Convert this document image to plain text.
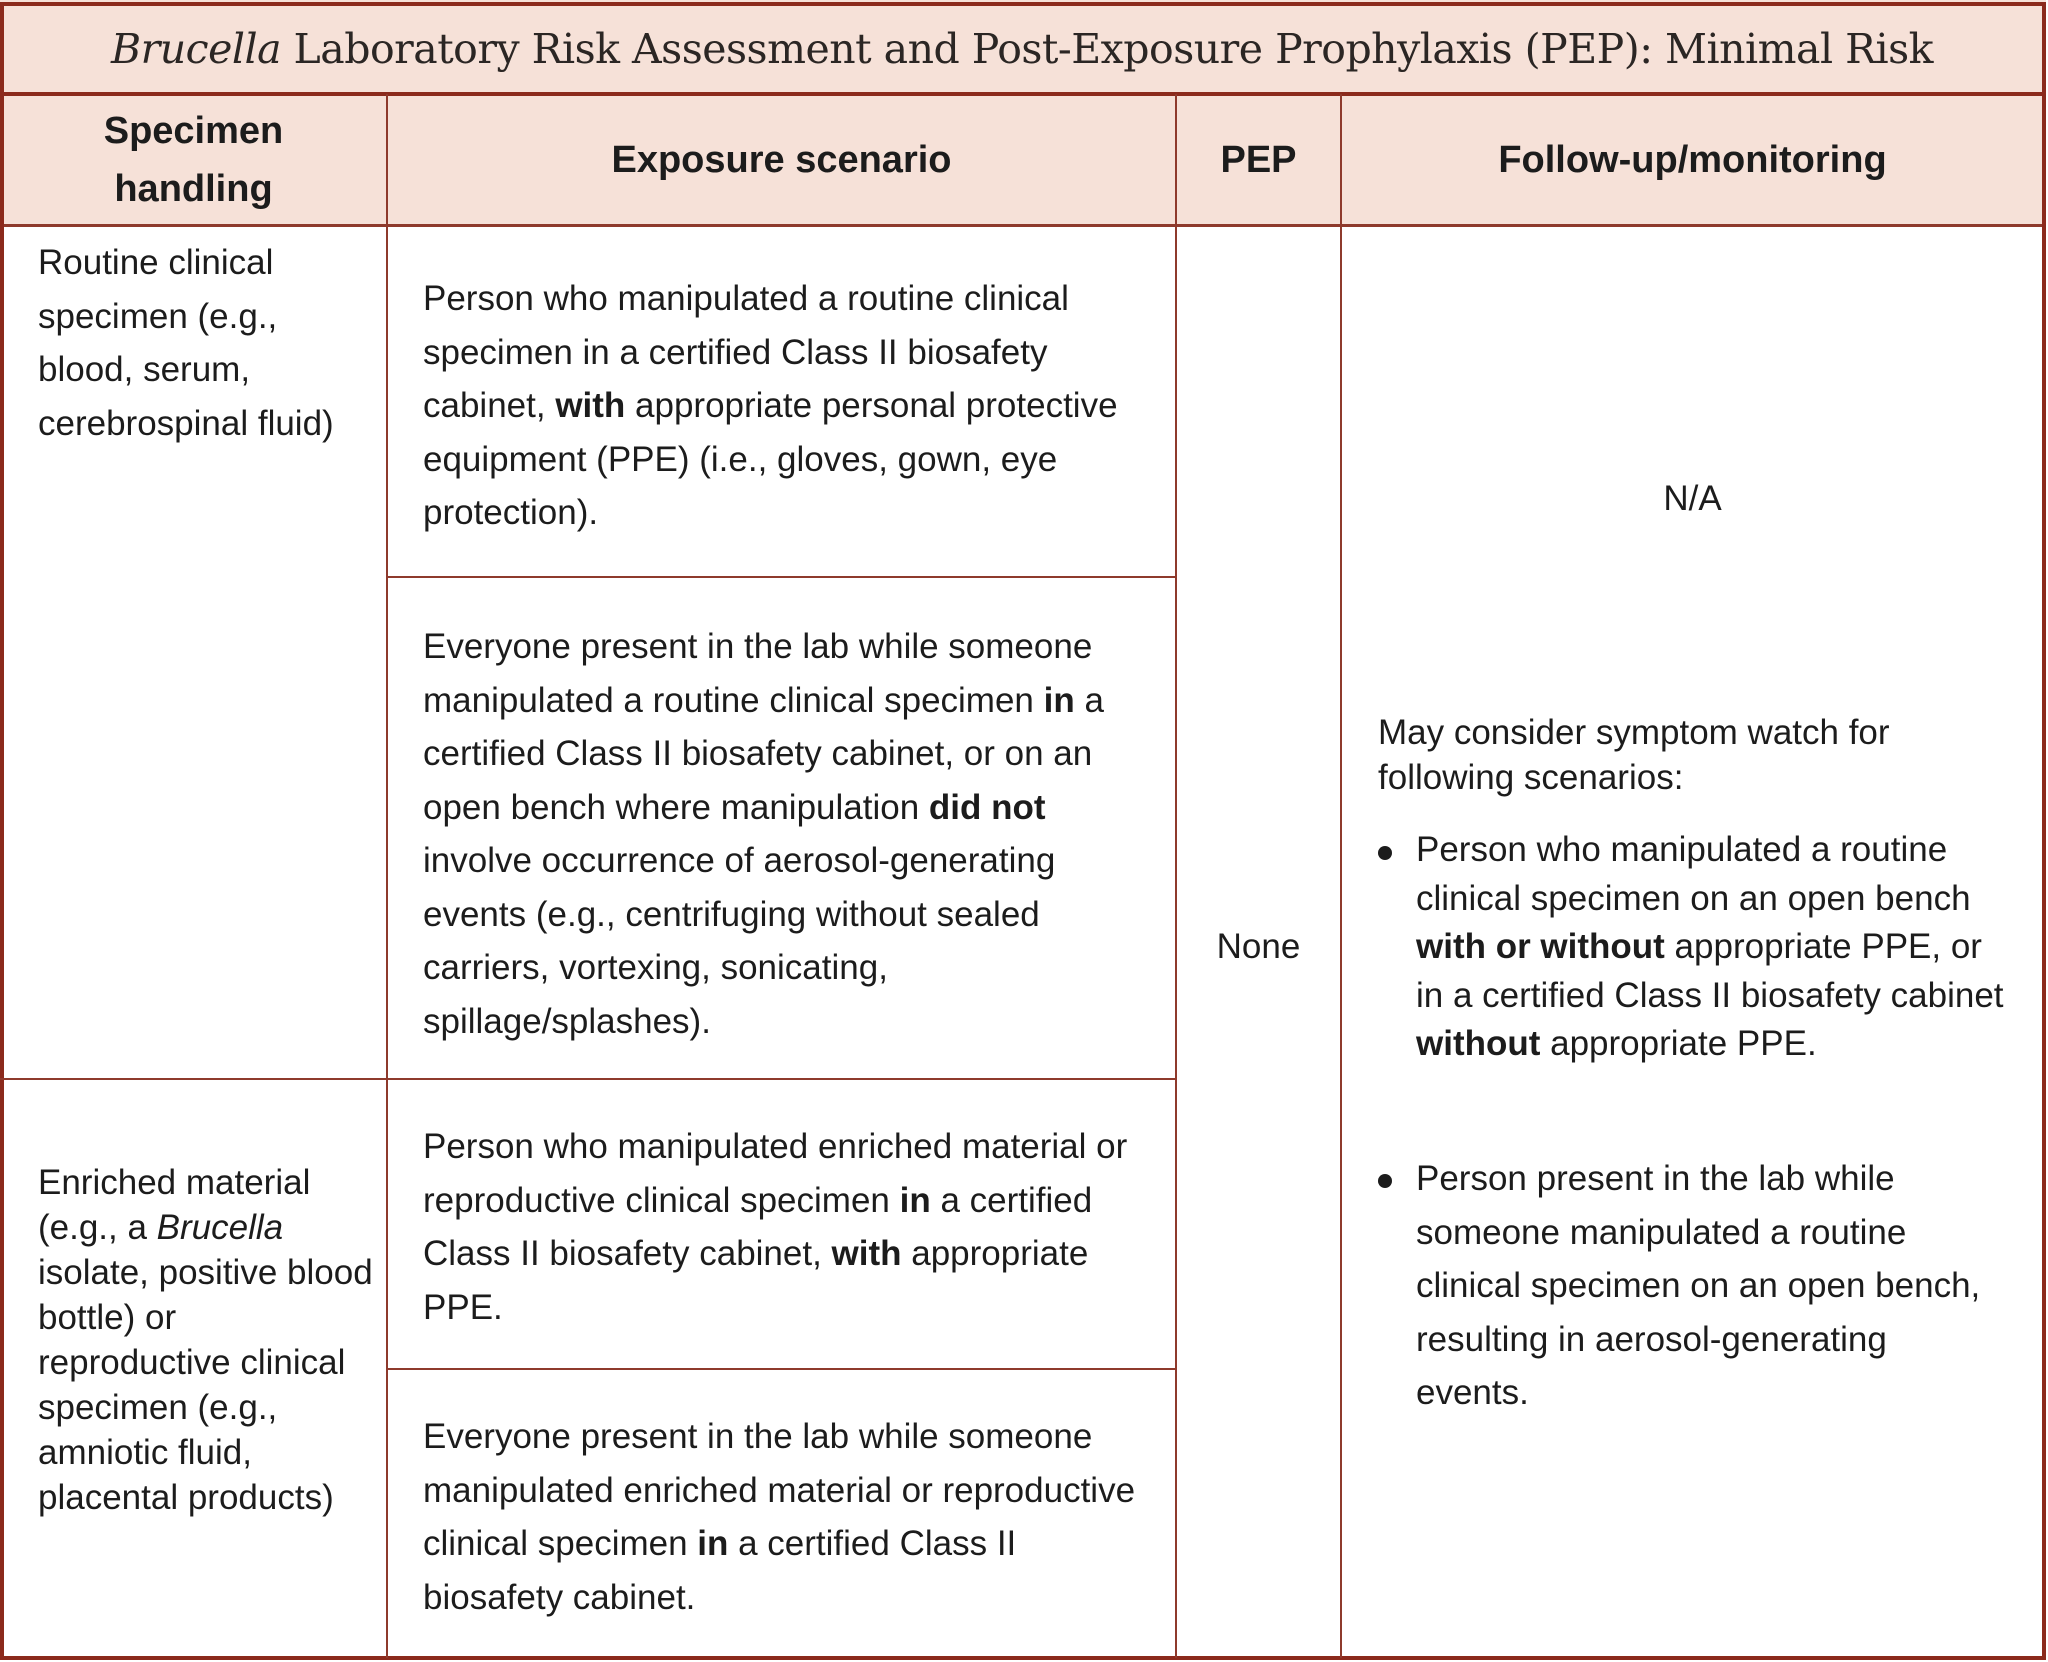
Brucella Laboratory Risk Assessment and Post-Exposure Prophylaxis (PEP): Minimal Risk
Specimen
handling
Exposure scenario	PEP	Follow-up/monitoring
Routine clinical specimen (e.g., blood, serum, cerebrospinal fluid)
Enriched material (e.g., a Brucella isolate, positive blood bottle) or reproductive clinical specimen (e.g., amniotic fluid, placental products)
Person who manipulated a routine clinical specimen in a certified Class II biosafety cabinet, with appropriate personal protective equipment (PPE) (i.e., gloves, gown, eye protection).
Everyone present in the lab while someone manipulated a routine clinical specimen in a certified Class II biosafety cabinet, or on an open bench where manipulation did not involve occurrence of aerosol-generating events (e.g., centrifuging without sealed carriers, vortexing, sonicating, spillage/splashes).
Person who manipulated enriched material or reproductive clinical specimen in a certified Class II biosafety cabinet, with appropriate PPE.
Everyone present in the lab while someone manipulated enriched material or reproductive clinical specimen in a certified Class II biosafety cabinet.
None
N/A
May consider symptom watch for following scenarios:
Person who manipulated a routine clinical specimen on an open bench with or without appropriate PPE, or in a certified Class II biosafety cabinet without appropriate PPE.
Person present in the lab while someone manipulated a routine clinical specimen on an open bench, resulting in aerosol-generating events.
